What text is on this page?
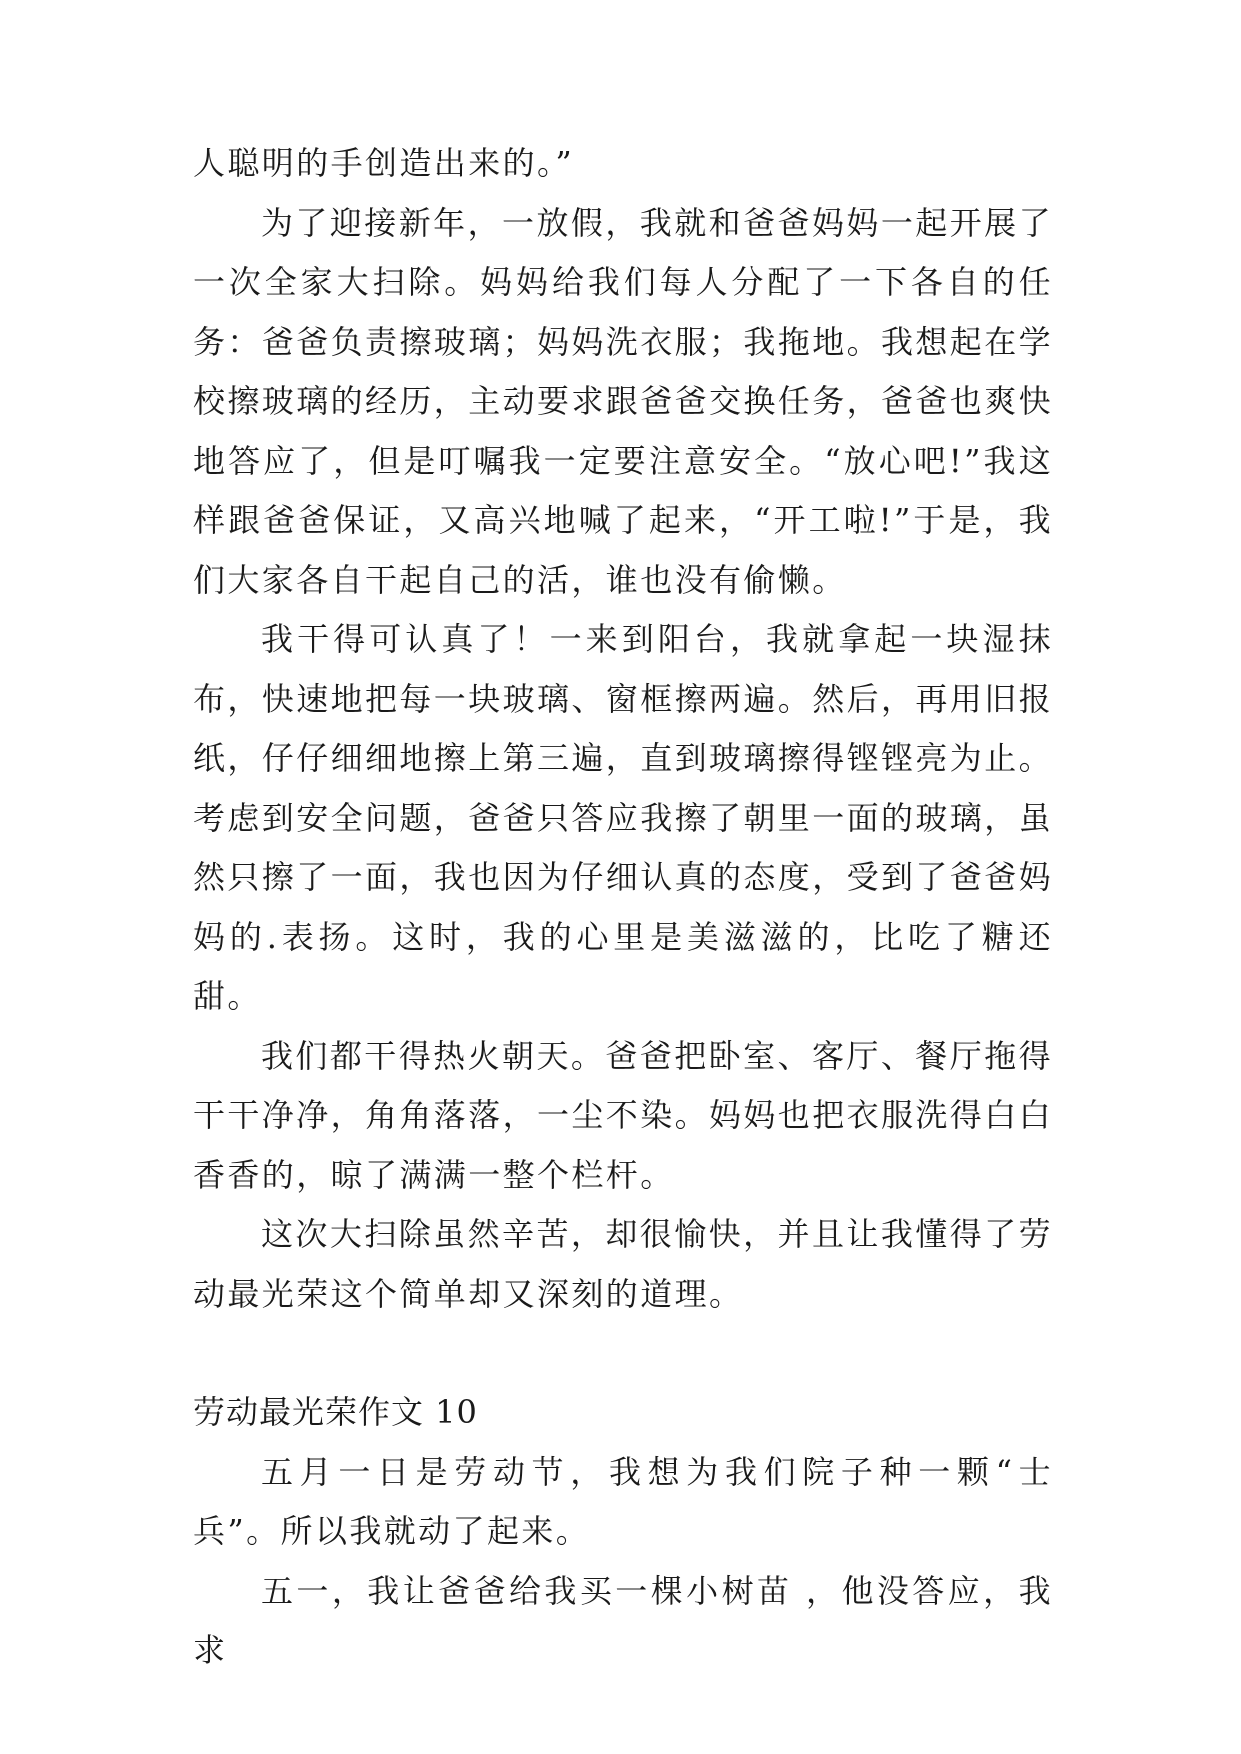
人聪明的手创造出来的。”

为了迎接新年，一放假，我就和爸爸妈妈一起开展了一次全家大扫除。妈妈给我们每人分配了一下各自的任务：爸爸负责擦玻璃；妈妈洗衣服；我拖地。我想起在学校擦玻璃的经历，主动要求跟爸爸交换任务，爸爸也爽快地答应了，但是叮嘱我一定要注意安全。“放心吧!”我这样跟爸爸保证，又高兴地喊了起来，“开工啦!”于是，我们大家各自干起自己的活，谁也没有偷懒。

我干得可认真了！一来到阳台，我就拿起一块湿抹布，快速地把每一块玻璃、窗框擦两遍。然后，再用旧报纸，仔仔细细地擦上第三遍，直到玻璃擦得铿铿亮为止。考虑到安全问题，爸爸只答应我擦了朝里一面的玻璃，虽然只擦了一面，我也因为仔细认真的态度，受到了爸爸妈妈的.表扬。这时，我的心里是美滋滋的，比吃了糖还甜。

我们都干得热火朝天。爸爸把卧室、客厅、餐厅拖得干干净净，角角落落，一尘不染。妈妈也把衣服洗得白白香香的，晾了满满一整个栏杆。

这次大扫除虽然辛苦，却很愉快，并且让我懂得了劳动最光荣这个简单却又深刻的道理。

劳动最光荣作文 10

五月一日是劳动节，我想为我们院子种一颗“士兵”。所以我就动了起来。

五一，我让爸爸给我买一棵小树苗 ，他没答应，我求
